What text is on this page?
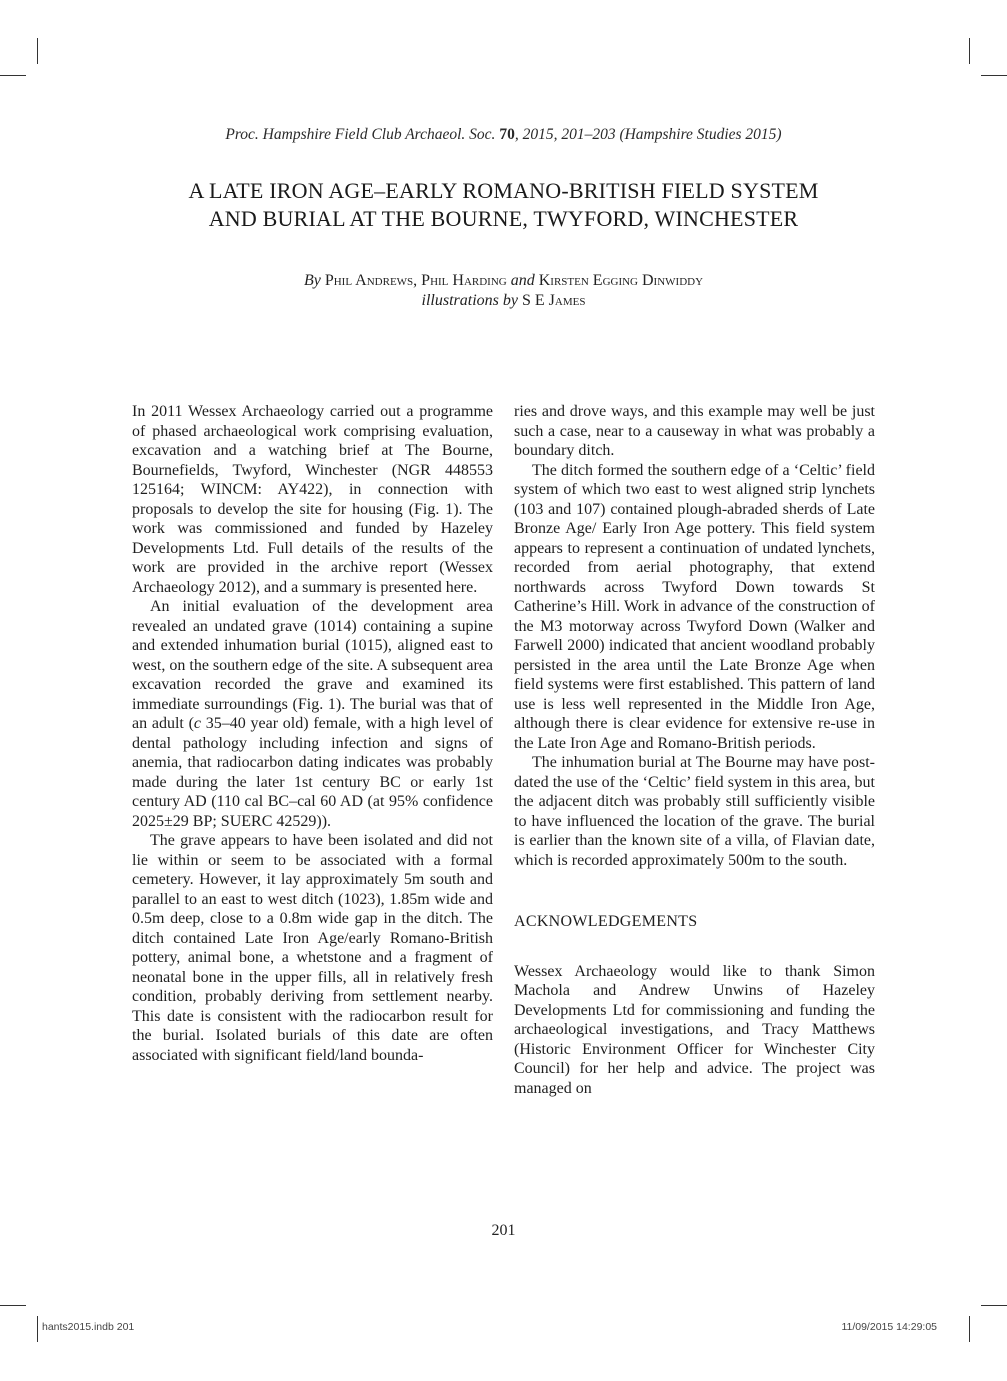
Proc. Hampshire Field Club Archaeol. Soc. 70, 2015, 201–203 (Hampshire Studies 2015)
A LATE IRON AGE–EARLY ROMANO-BRITISH FIELD SYSTEM
AND BURIAL AT THE BOURNE, TWYFORD, WINCHESTER
By Phil Andrews, Phil Harding and Kirsten Egging Dinwiddy
illustrations by S E James

In 2011 Wessex Archaeology carried out a programme of phased archaeological work comprising evaluation, excavation and a watching brief at The Bourne, Bournefields, Twyford, Winchester (NGR 448553 125164; WINCM: AY422), in connection with proposals to develop the site for housing (Fig. 1). The work was commissioned and funded by Hazeley Developments Ltd. Full details of the results of the work are provided in the archive report (Wessex Archaeology 2012), and a summary is presented here.

An initial evaluation of the development area revealed an undated grave (1014) containing a supine and extended inhumation burial (1015), aligned east to west, on the southern edge of the site. A subsequent area excavation recorded the grave and examined its immediate surroundings (Fig. 1). The burial was that of an adult (c 35–40 year old) female, with a high level of dental pathology including infection and signs of anemia, that radiocarbon dating indicates was probably made during the later 1st century BC or early 1st century AD (110 cal BC–cal 60 AD (at 95% confidence 2025±29 BP; SUERC 42529)).

The grave appears to have been isolated and did not lie within or seem to be associated with a formal cemetery. However, it lay approximately 5m south and parallel to an east to west ditch (1023), 1.85m wide and 0.5m deep, close to a 0.8m wide gap in the ditch. The ditch contained Late Iron Age/early Romano-British pottery, animal bone, a whetstone and a fragment of neonatal bone in the upper fills, all in relatively fresh condition, probably deriving from settlement nearby. This date is consistent with the radiocarbon result for the burial. Isolated burials of this date are often associated with significant field/land bounda-

ries and drove ways, and this example may well be just such a case, near to a causeway in what was probably a boundary ditch.

The ditch formed the southern edge of a ‘Celtic’ field system of which two east to west aligned strip lynchets (103 and 107) contained plough-abraded sherds of Late Bronze Age/ Early Iron Age pottery. This field system appears to represent a continuation of undated lynchets, recorded from aerial photography, that extend northwards across Twyford Down towards St Catherine’s Hill. Work in advance of the construction of the M3 motorway across Twyford Down (Walker and Farwell 2000) indicated that ancient woodland probably persisted in the area until the Late Bronze Age when field systems were first established. This pattern of land use is less well represented in the Middle Iron Age, although there is clear evidence for extensive re-use in the Late Iron Age and Romano-British periods.

The inhumation burial at The Bourne may have post-dated the use of the ‘Celtic’ field system in this area, but the adjacent ditch was probably still sufficiently visible to have influenced the location of the grave. The burial is earlier than the known site of a villa, of Flavian date, which is recorded approximately 500m to the south.

ACKNOWLEDGEMENTS

Wessex Archaeology would like to thank Simon Machola and Andrew Unwins of Hazeley Developments Ltd for commissioning and funding the archaeological investigations, and Tracy Matthews (Historic Environment Officer for Winchester City Council) for her help and advice. The project was managed on

201
hants2015.indb 201	11/09/2015 14:29:05
